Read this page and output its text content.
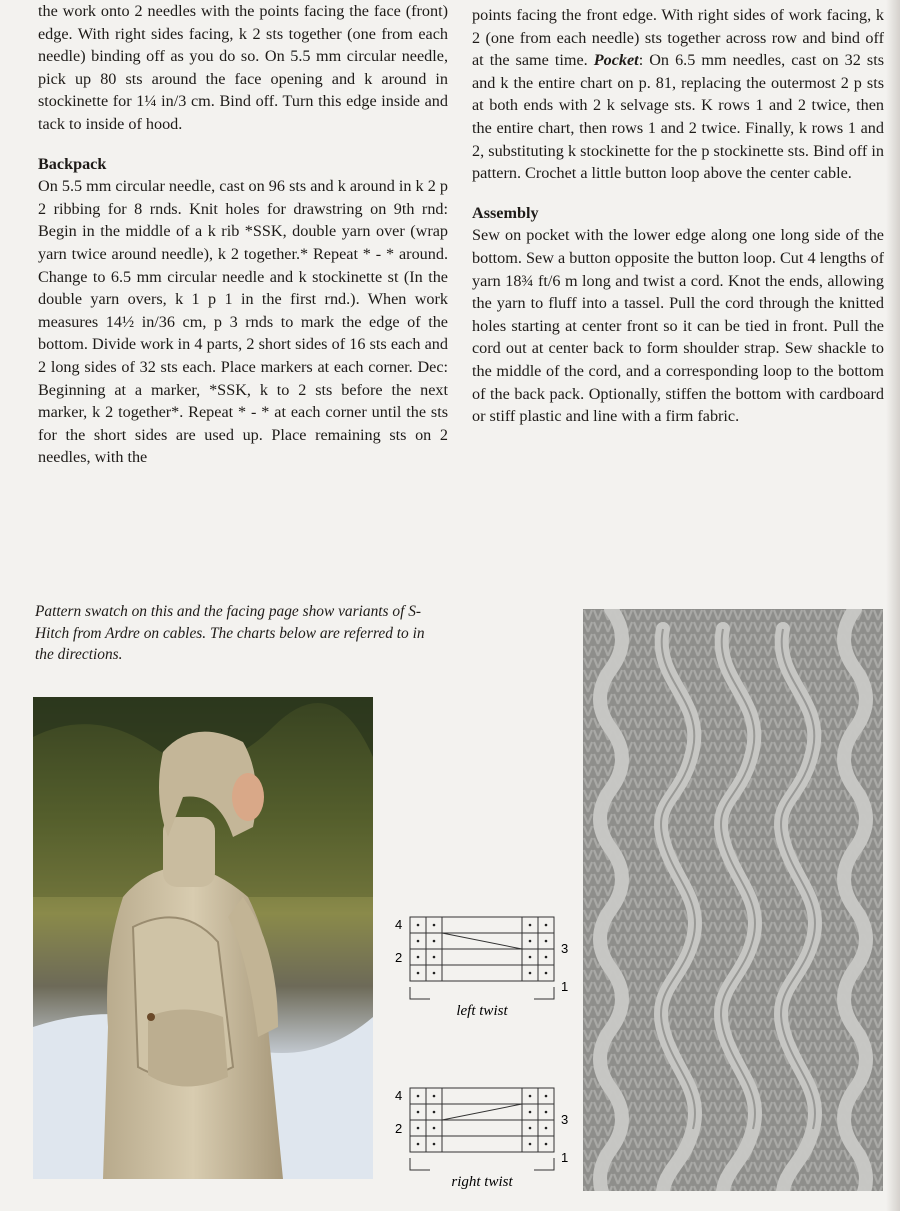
the work onto 2 needles with the points facing the face (front) edge. With right sides facing, k 2 sts together (one from each needle) binding off as you do so. On 5.5 mm circular needle, pick up 80 sts around the face opening and k around in stockinette for 1¼ in/3 cm. Bind off. Turn this edge inside and tack to inside of hood.

Backpack

On 5.5 mm circular needle, cast on 96 sts and k around in k 2 p 2 ribbing for 8 rnds. Knit holes for drawstring on 9th rnd: Begin in the middle of a k rib *SSK, double yarn over (wrap yarn twice around needle), k 2 together.* Repeat * - * around. Change to 6.5 mm circular needle and k stockinette st (In the double yarn overs, k 1 p 1 in the first rnd.). When work measures 14½ in/36 cm, p 3 rnds to mark the edge of the bottom. Divide work in 4 parts, 2 short sides of 16 sts each and 2 long sides of 32 sts each. Place markers at each corner. Dec: Beginning at a marker, *SSK, k to 2 sts before the next marker, k 2 together*. Repeat * - * at each corner until the sts for the short sides are used up. Place remaining sts on 2 needles, with the

points facing the front edge. With right sides of work facing, k 2 (one from each needle) sts together across row and bind off at the same time. Pocket: On 6.5 mm needles, cast on 32 sts and k the entire chart on p. 81, replacing the outermost 2 p sts at both ends with 2 k selvage sts. K rows 1 and 2 twice, then the entire chart, then rows 1 and 2 twice. Finally, k rows 1 and 2, substituting k stockinette for the p stockinette sts. Bind off in pattern. Crochet a little button loop above the center cable.

Assembly

Sew on pocket with the lower edge along one long side of the bottom. Sew a button opposite the button loop. Cut 4 lengths of yarn 18¾ ft/6 m long and twist a cord. Knot the ends, allowing the yarn to fluff into a tassel. Pull the cord through the knitted holes starting at center front so it can be tied in front. Pull the cord out at center back to form shoulder strap. Sew shackle to the middle of the cord, and a corresponding loop to the bottom of the back pack. Optionally, stiffen the bottom with cardboard or stiff plastic and line with a firm fabric.

Pattern swatch on this and the facing page show variants of S-Hitch from Ardre on cables. The charts below are referred to in the directions.
4
3
2
1
left twist
4
3
2
1
right twist
